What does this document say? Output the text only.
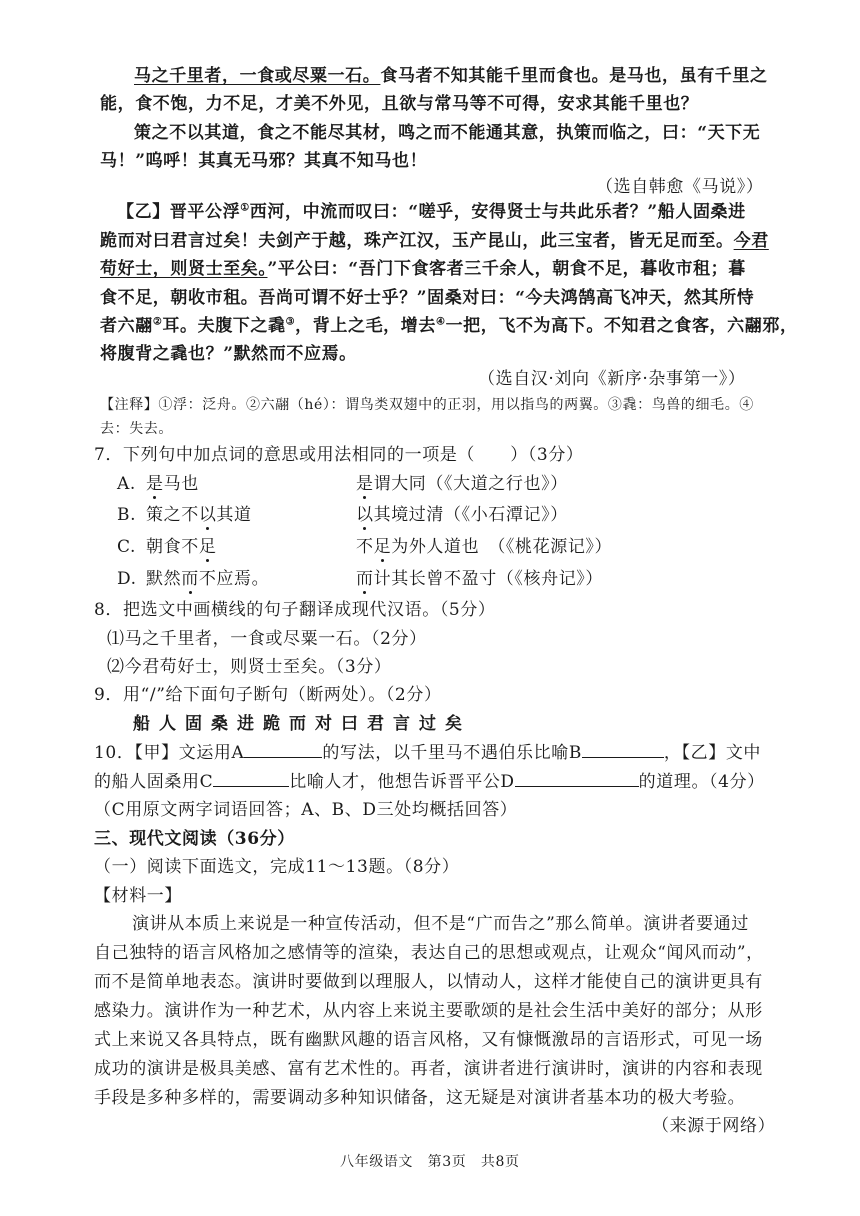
马之千里者，一食或尽粟一石。食马者不知其能千里而食也。是马也，虽有千里之
能，食不饱，力不足，才美不外见，且欲与常马等不可得，安求其能千里也？
策之不以其道，食之不能尽其材，鸣之而不能通其意，执策而临之，曰：“天下无
马！”呜呼！其真无马邪？其真不知马也！
（选自韩愈《马说》）
【乙】晋平公浮①西河，中流而叹曰：“嗟乎，安得贤士与共此乐者？”船人固桑进
跪而对曰君言过矣！夫剑产于越，珠产江汉，玉产昆山，此三宝者，皆无足而至。今君
苟好士，则贤士至矣。”平公曰：“吾门下食客者三千余人，朝食不足，暮收市租；暮
食不足，朝收市租。吾尚可谓不好士乎？”固桑对曰：“今夫鸿鹄高飞冲天，然其所恃
者六翮②耳。夫腹下之毳③，背上之毛，增去④一把，飞不为高下。不知君之食客，六翮邪，
将腹背之毳也？”默然而不应焉。
（选自汉·刘向《新序·杂事第一》）
【注释】①浮：泛舟。②六翮（hé）：谓鸟类双翅中的正羽，用以指鸟的两翼。③毳：鸟兽的细毛。④
去：失去。
7．下列句中加点词的意思或用法相同的一项是（　　）（3分）
A. 是马也	是谓大同（《大道之行也》）
B. 策之不以其道	以其境过清（《小石潭记》）
C. 朝食不足	不足为外人道也　（《桃花源记》）
D. 默然而不应焉。	而计其长曾不盈寸（《核舟记》）
8．把选文中画横线的句子翻译成现代汉语。（5分）
⑴马之千里者，一食或尽粟一石。（2分）
⑵今君苟好士，则贤士至矣。（3分）
9．用“/”给下面句子断句（断两处）。（2分）
船人固桑进跪而对曰君言过矣
10．【甲】文运用A	的写法，以千里马不遇伯乐比喻B	，【乙】文中
的船人固桑用C	比喻人才，他想告诉晋平公D	的道理。（4分）
（C用原文两字词语回答；A、B、D三处均概括回答）
三、现代文阅读（36分）
（一）阅读下面选文，完成11～13题。（8分）
【材料一】
演讲从本质上来说是一种宣传活动，但不是“广而告之”那么简单。演讲者要通过
自己独特的语言风格加之感情等的渲染，表达自己的思想或观点，让观众“闻风而动”，
而不是简单地表态。演讲时要做到以理服人，以情动人，这样才能使自己的演讲更具有
感染力。演讲作为一种艺术，从内容上来说主要歌颂的是社会生活中美好的部分；从形
式上来说又各具特点，既有幽默风趣的语言风格，又有慷慨激昂的言语形式，可见一场
成功的演讲是极具美感、富有艺术性的。再者，演讲者进行演讲时，演讲的内容和表现
手段是多种多样的，需要调动多种知识储备，这无疑是对演讲者基本功的极大考验。
（来源于网络）
八年级语文　第3页　共8页
